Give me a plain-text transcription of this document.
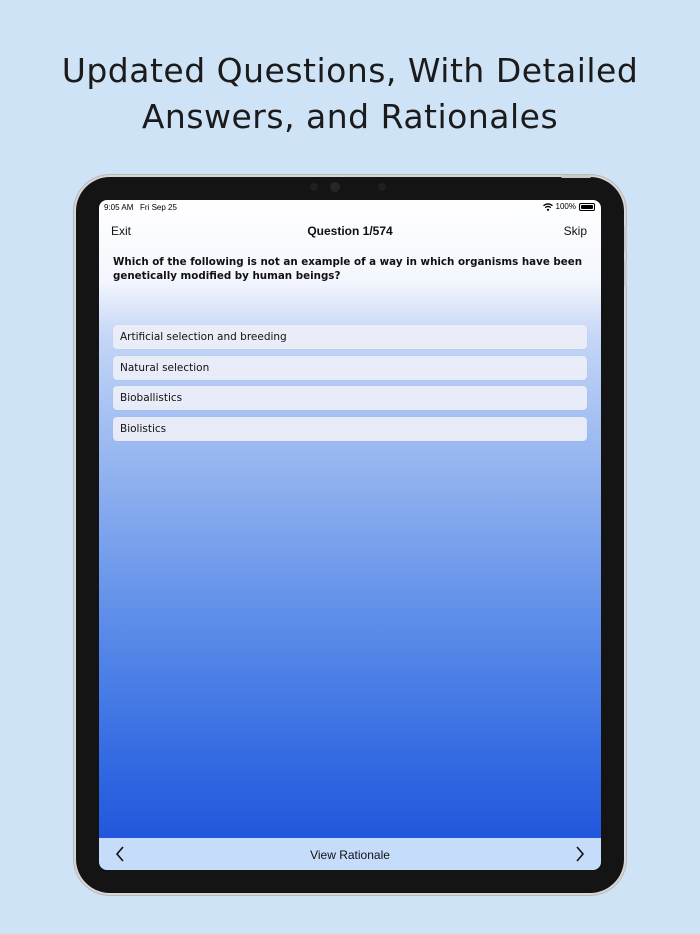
Updated Questions, With Detailed
Answers, and Rationales
9:05 AM Fri Sep 25	100%
Exit	Question 1/574	Skip
Which of the following is not an example of a way in which organisms have been genetically modified by human beings?
Artificial selection and breeding
Natural selection
Bioballistics
Biolistics
View Rationale
